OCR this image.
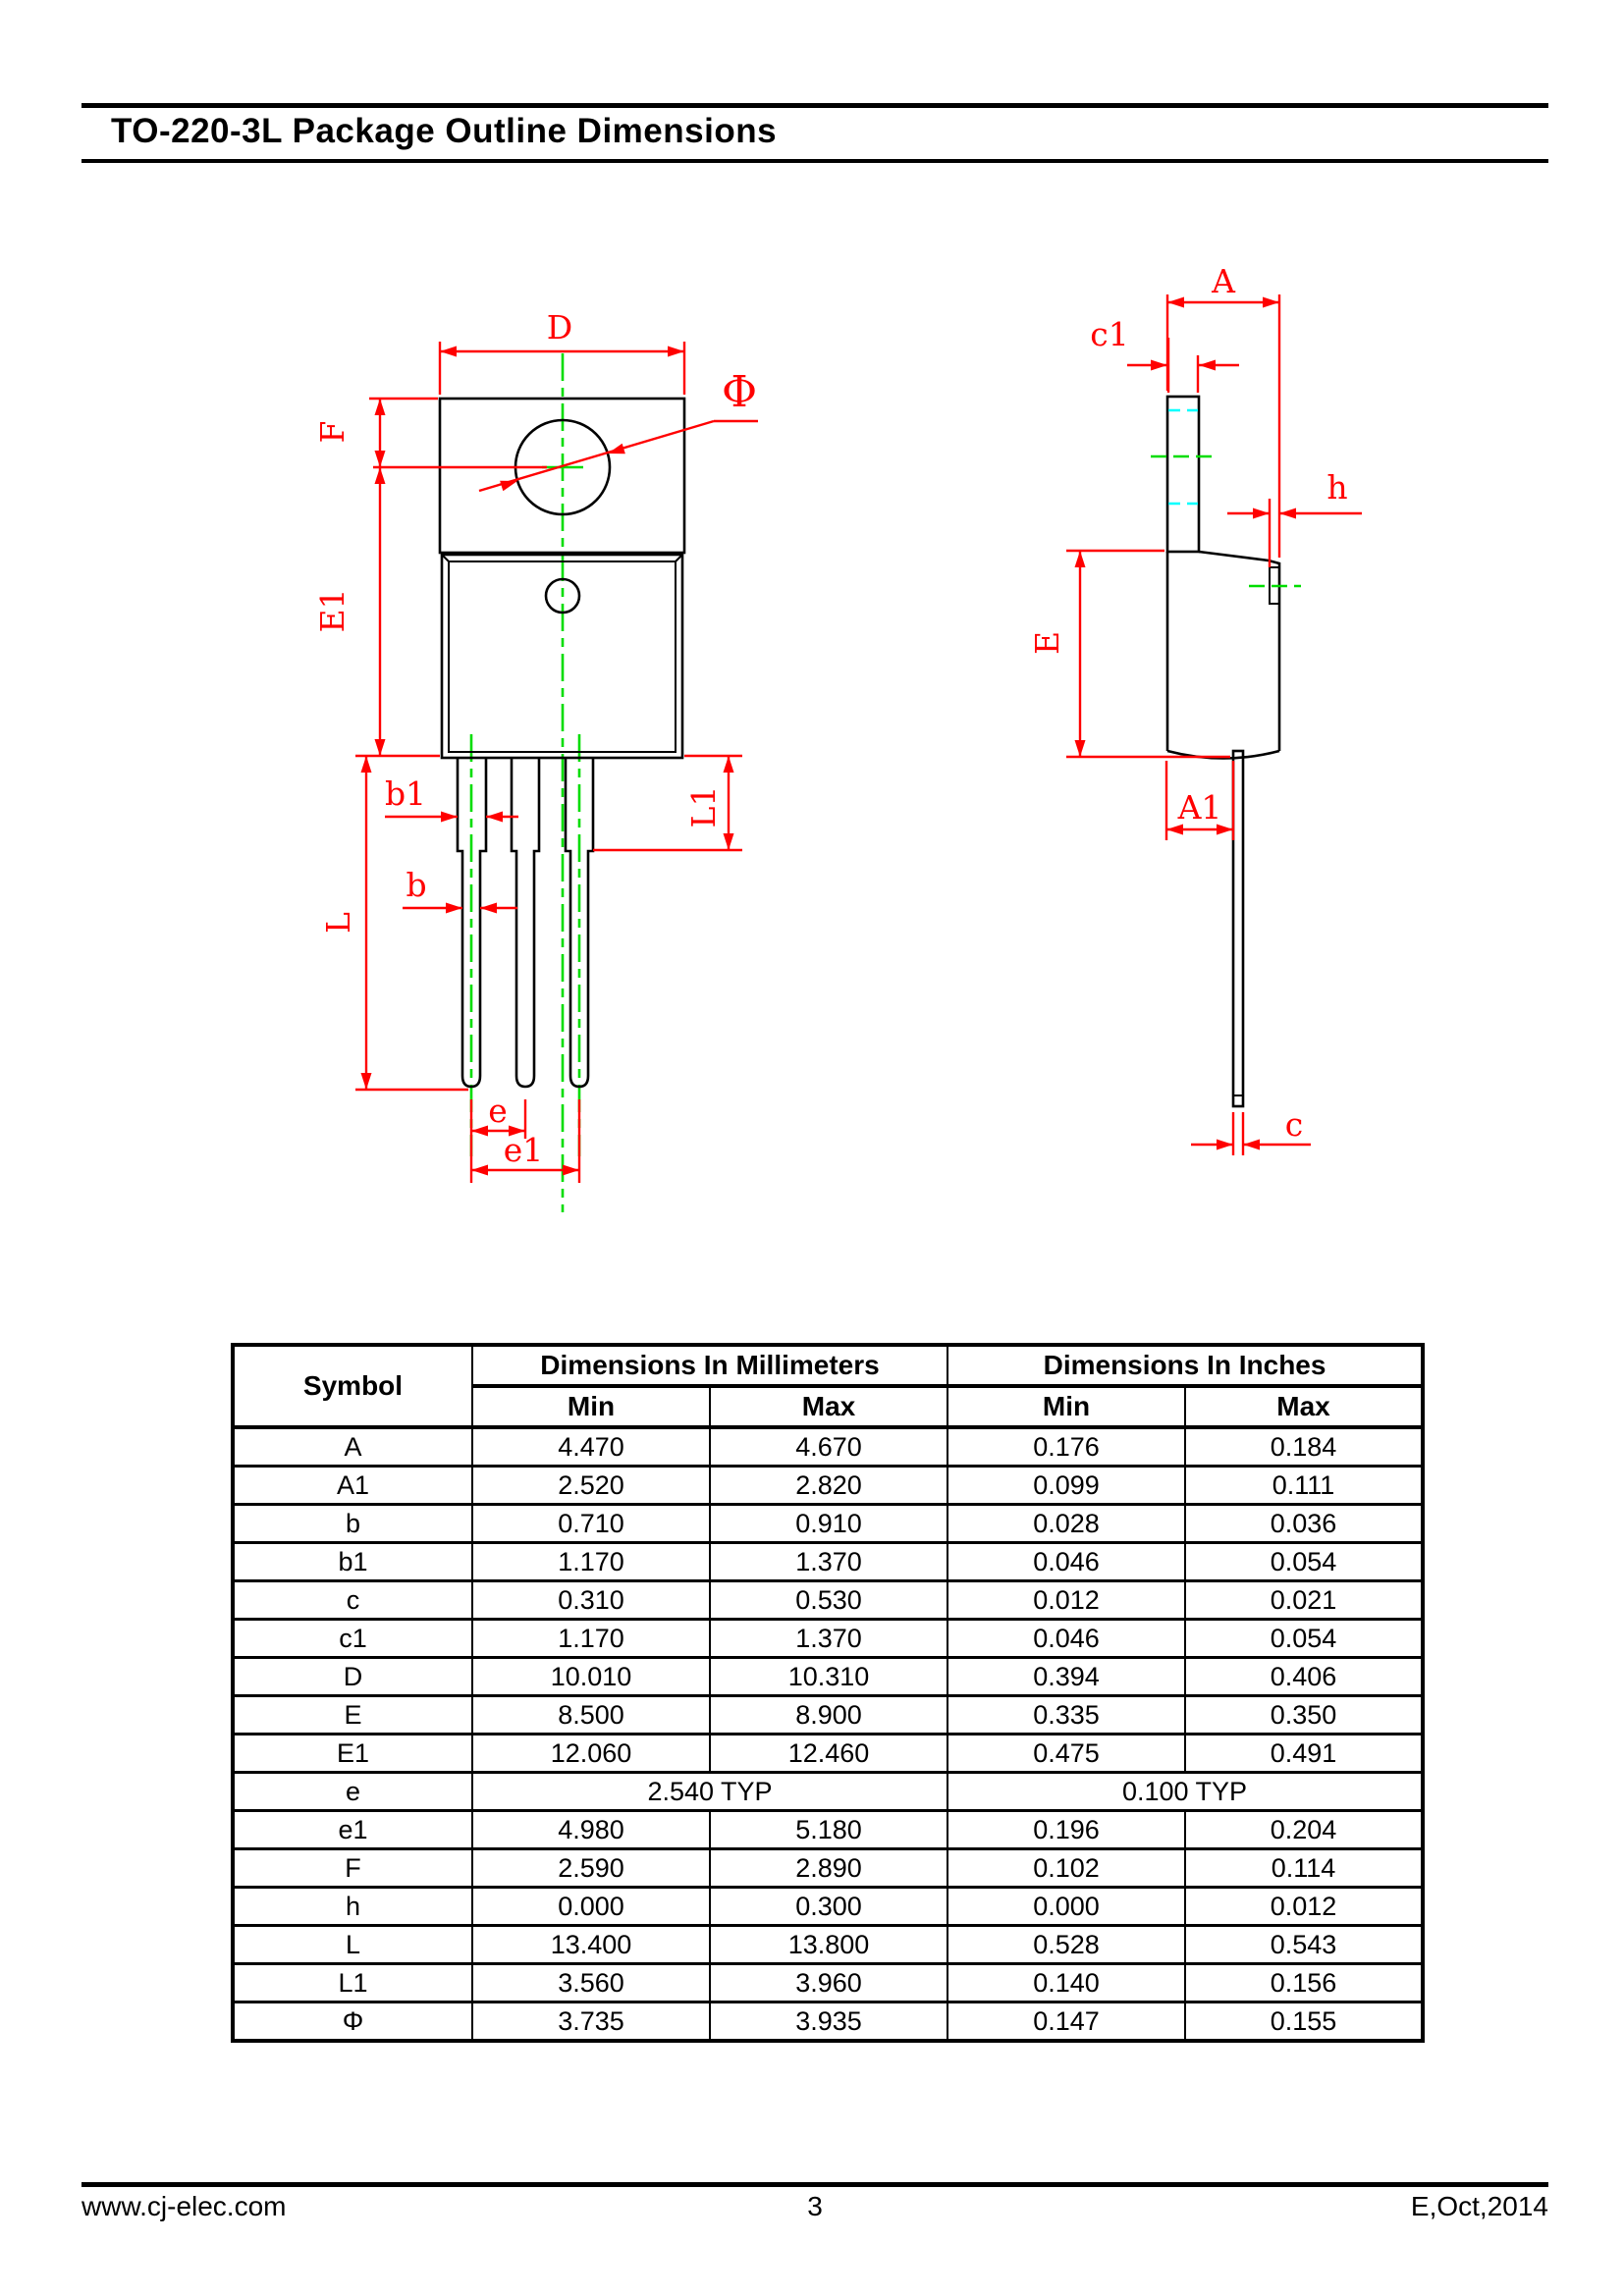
TO-220-3L Package Outline Dimensions
D
Φ
F
E1
L
L1
b1
b
e
e1
A
c1
h
E
A1
c
Symbol	Dimensions In Millimeters		Dimensions In Inches	
	Min	Max	Min	Max
A	4.470	4.670	0.176	0.184
A1	2.520	2.820	0.099	0.111
b	0.710	0.910	0.028	0.036
b1	1.170	1.370	0.046	0.054
c	0.310	0.530	0.012	0.021
c1	1.170	1.370	0.046	0.054
D	10.010	10.310	0.394	0.406
E	8.500	8.900	0.335	0.350
E1	12.060	12.460	0.475	0.491
e	2.540 TYP		0.100 TYP	
e1	4.980	5.180	0.196	0.204
F	2.590	2.890	0.102	0.114
h	0.000	0.300	0.000	0.012
L	13.400	13.800	0.528	0.543
L1	3.560	3.960	0.140	0.156
Φ	3.735	3.935	0.147	0.155
3
www.cj-elec.com	E,Oct,2014
